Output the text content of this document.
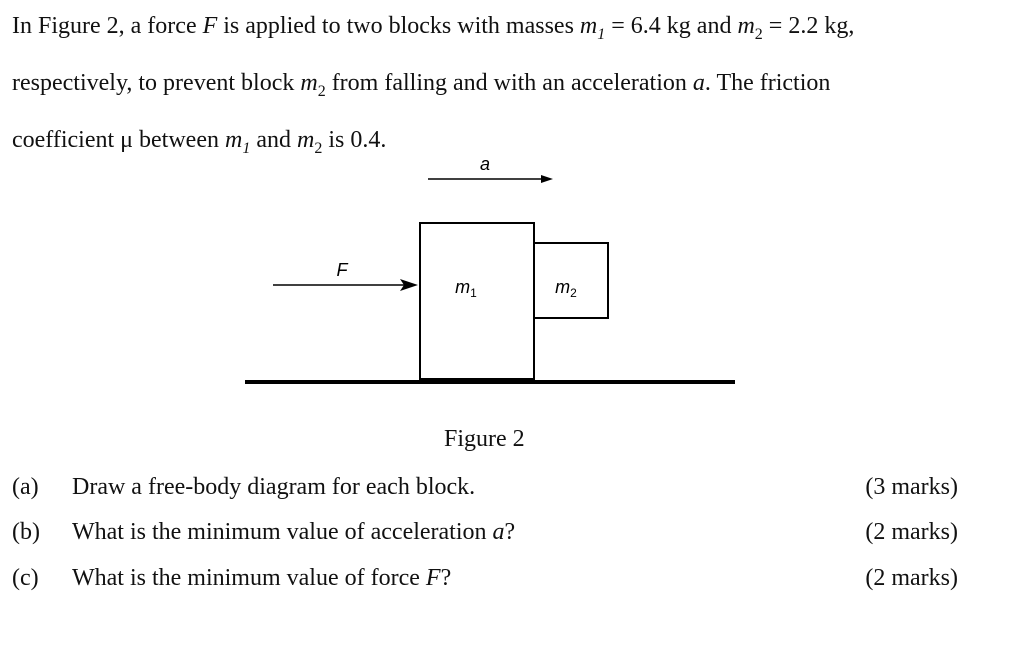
In Figure 2, a force F is applied to two blocks with masses $m_1 = 6.4$ kg and $m_2 = 2.2$ kg,
respectively, to prevent block $m_2$ from falling and with an acceleration a. The friction
coefficient μ between $m_1$ and $m_2$ is 0.4.
a
F
$m_1$	$m_2$
Figure 2
(a) Draw a free-body diagram for each block.	(3 marks)
(b) What is the minimum value of acceleration a?	(2 marks)
(c) What is the minimum value of force F?	(2 marks)
